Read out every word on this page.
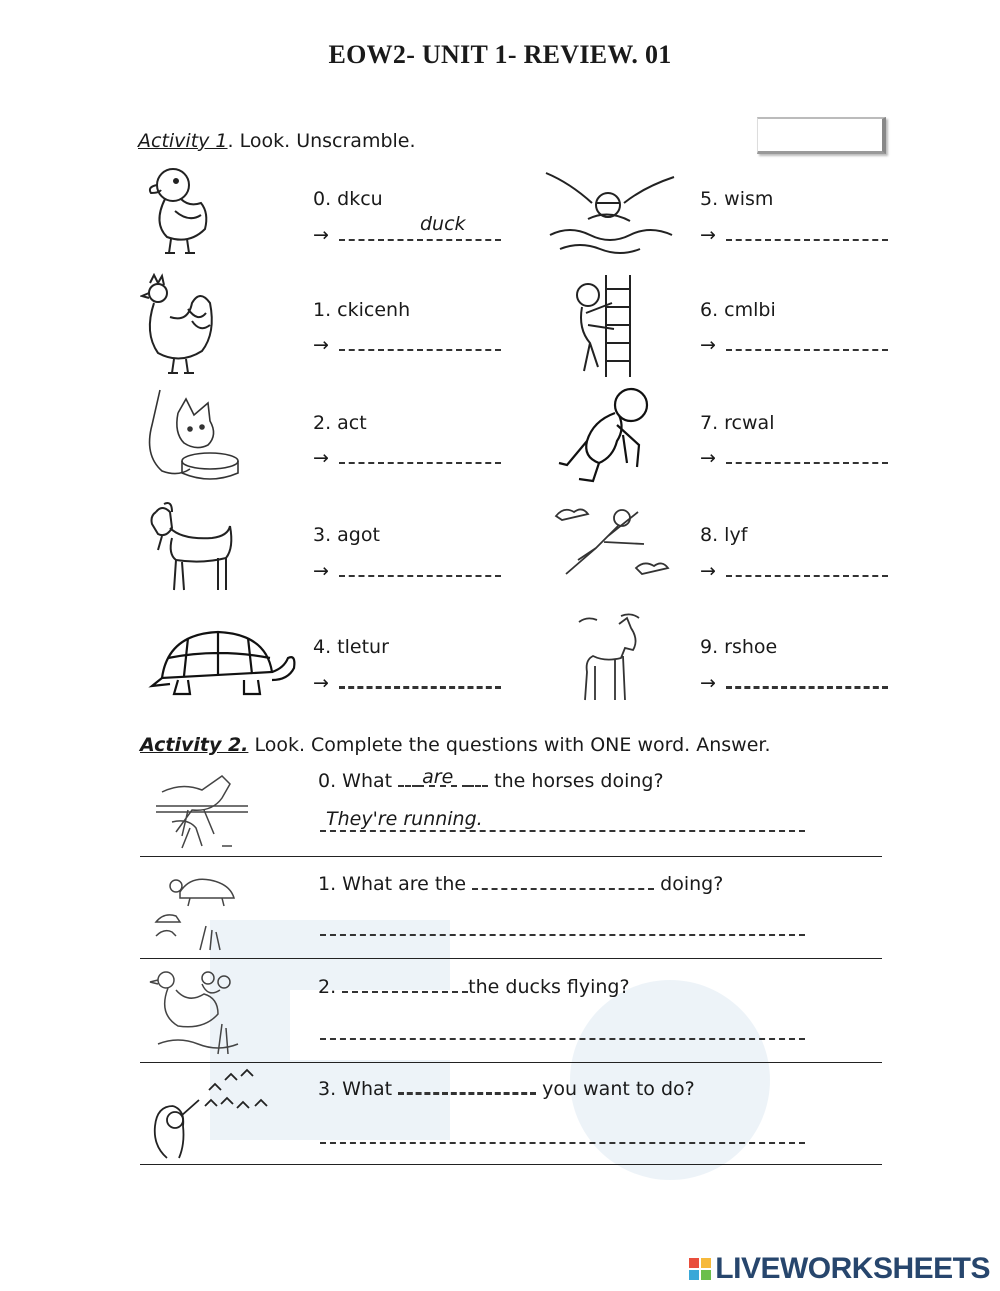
EOW2- UNIT 1- REVIEW. 01
Activity 1. Look. Unscramble.
0. dkcu
→	duck
1. ckicenh
→
2. act
→
3. agot
→
4. tletur
→
5. wism
→
6. cmlbi
→
7. rcwal
→
8. lyf
→
9. rshoe
→
Activity 2. Look. Complete the questions with ONE word. Answer.
0. What are the horses doing?
They're running.
1. What are the	doing?
2.	the ducks flying?
3. What	you want to do?
LIVEWORKSHEETS
